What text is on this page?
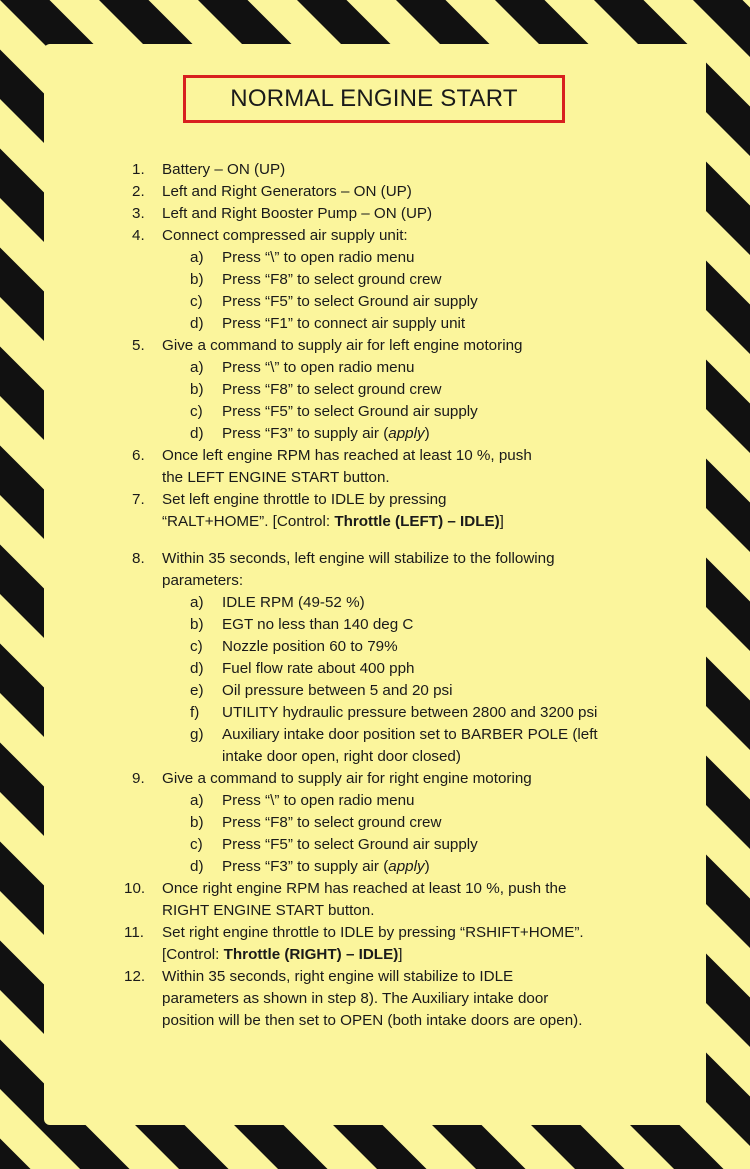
NORMAL ENGINE START
1. Battery – ON (UP)
2. Left and Right Generators – ON (UP)
3. Left and Right Booster Pump – ON (UP)
4. Connect compressed air supply unit:
a) Press “\” to open radio menu
b) Press “F8” to select ground crew
c) Press “F5” to select Ground air supply
d) Press “F1” to connect air supply unit
5. Give a command to supply air for left engine motoring
a) Press “\” to open radio menu
b) Press “F8” to select ground crew
c) Press “F5” to select Ground air supply
d) Press “F3” to supply air (apply)
6. Once left engine RPM has reached at least 10 %, push
the LEFT ENGINE START button.
7. Set left engine throttle to IDLE by pressing
“RALT+HOME”. [Control: Throttle (LEFT) – IDLE)]
8. Within 35 seconds, left engine will stabilize to the following
parameters:
a) IDLE RPM (49-52 %)
b) EGT no less than 140 deg C
c) Nozzle position 60 to 79%
d) Fuel flow rate about 400 pph
e) Oil pressure between 5 and 20 psi
f) UTILITY hydraulic pressure between 2800 and 3200 psi
g) Auxiliary intake door position set to BARBER POLE (left
intake door open, right door closed)
9. Give a command to supply air for right engine motoring
a) Press “\” to open radio menu
b) Press “F8” to select ground crew
c) Press “F5” to select Ground air supply
d) Press “F3” to supply air (apply)
10. Once right engine RPM has reached at least 10 %, push the
RIGHT ENGINE START button.
11. Set right engine throttle to IDLE by pressing “RSHIFT+HOME”.
[Control: Throttle (RIGHT) – IDLE)]
12. Within 35 seconds, right engine will stabilize to IDLE
parameters as shown in step 8). The Auxiliary intake door
position will be then set to OPEN (both intake doors are open).
